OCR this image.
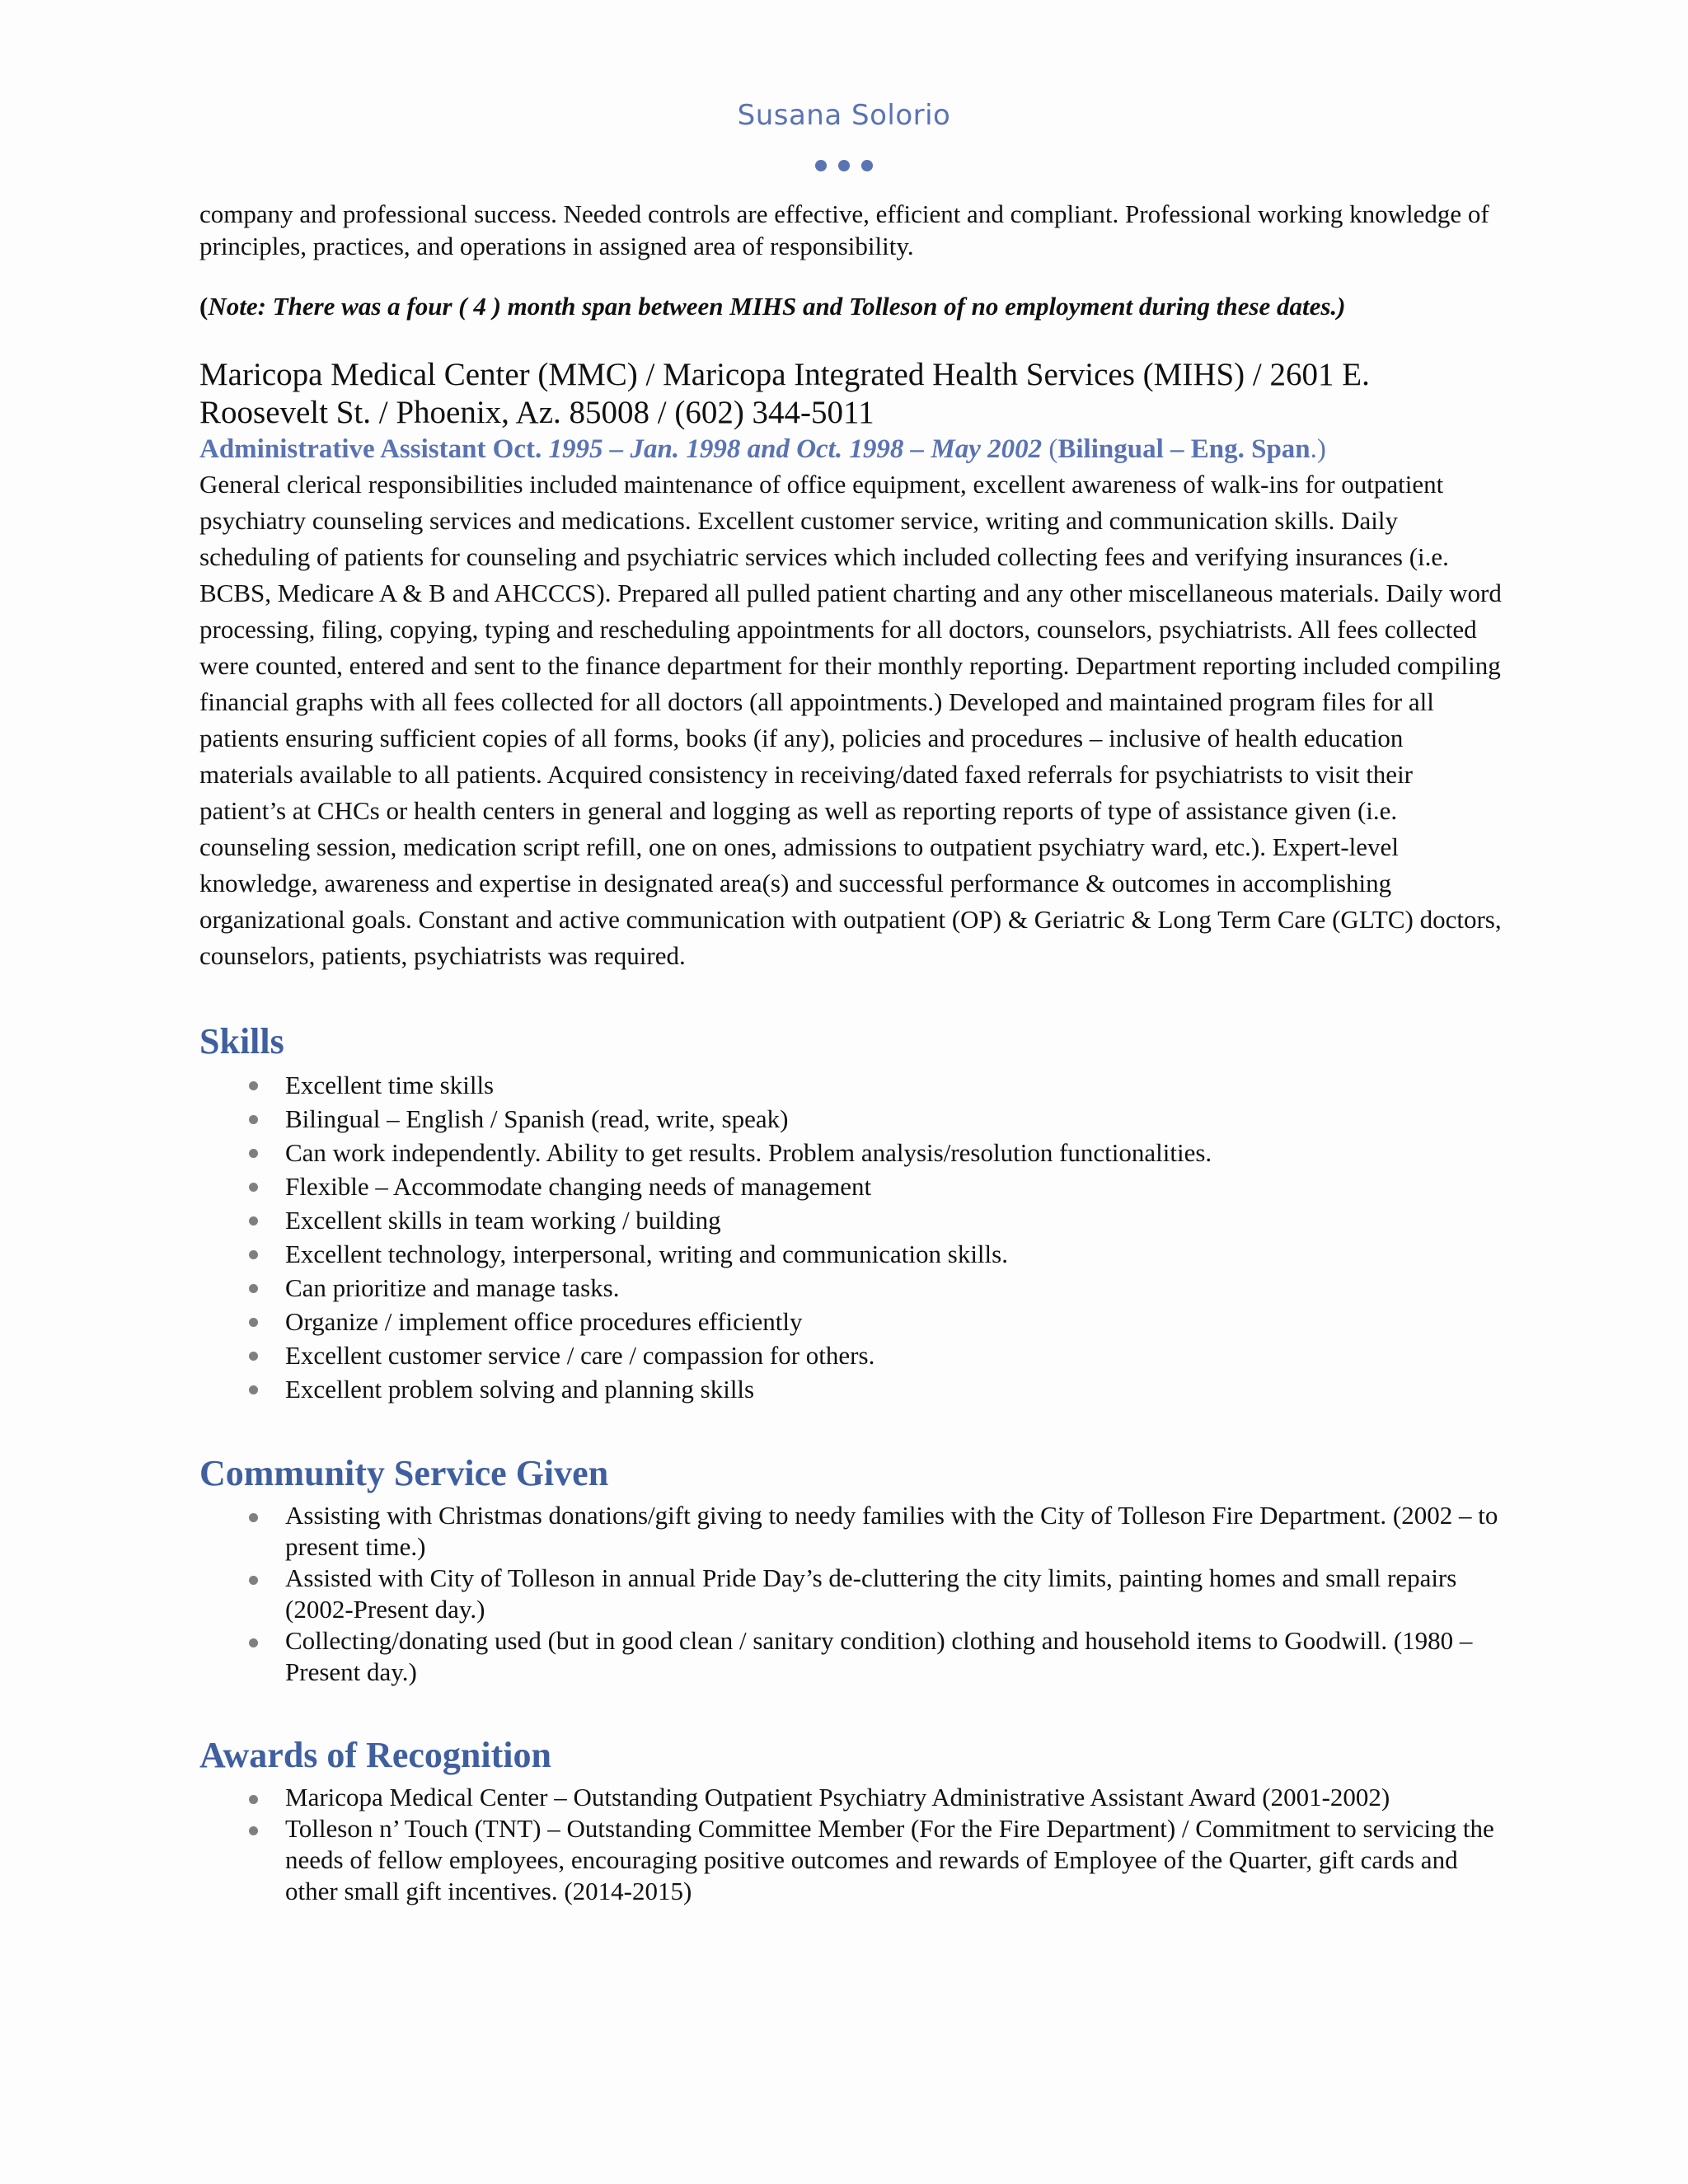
Susana Solorio

company and professional success. Needed controls are effective, efficient and compliant. Professional working knowledge of principles, practices, and operations in assigned area of responsibility.

(Note: There was a four ( 4 ) month span between MIHS and Tolleson of no employment during these dates.)

Maricopa Medical Center (MMC) / Maricopa Integrated Health Services (MIHS) / 2601 E. Roosevelt St. / Phoenix, Az. 85008 / (602) 344-5011

Administrative Assistant Oct. 1995 – Jan. 1998 and Oct. 1998 – May 2002 (Bilingual – Eng. Span.)

General clerical responsibilities included maintenance of office equipment, excellent awareness of walk-ins for outpatient psychiatry counseling services and medications. Excellent customer service, writing and communication skills. Daily scheduling of patients for counseling and psychiatric services which included collecting fees and verifying insurances (i.e. BCBS, Medicare A & B and AHCCCS). Prepared all pulled patient charting and any other miscellaneous materials. Daily word processing, filing, copying, typing and rescheduling appointments for all doctors, counselors, psychiatrists. All fees collected were counted, entered and sent to the finance department for their monthly reporting. Department reporting included compiling financial graphs with all fees collected for all doctors (all appointments.) Developed and maintained program files for all patients ensuring sufficient copies of all forms, books (if any), policies and procedures – inclusive of health education materials available to all patients. Acquired consistency in receiving/dated faxed referrals for psychiatrists to visit their patient’s at CHCs or health centers in general and logging as well as reporting reports of type of assistance given (i.e. counseling session, medication script refill, one on ones, admissions to outpatient psychiatry ward, etc.). Expert-level knowledge, awareness and expertise in designated area(s) and successful performance & outcomes in accomplishing organizational goals. Constant and active communication with outpatient (OP) & Geriatric & Long Term Care (GLTC) doctors, counselors, patients, psychiatrists was required.

Skills
Excellent time skills
Bilingual – English / Spanish (read, write, speak)
Can work independently. Ability to get results. Problem analysis/resolution functionalities.
Flexible – Accommodate changing needs of management
Excellent skills in team working / building
Excellent technology, interpersonal, writing and communication skills.
Can prioritize and manage tasks.
Organize / implement office procedures efficiently
Excellent customer service / care / compassion for others.
Excellent problem solving and planning skills
Community Service Given
Assisting with Christmas donations/gift giving to needy families with the City of Tolleson Fire Department. (2002 – to present time.)
Assisted with City of Tolleson in annual Pride Day’s de-cluttering the city limits, painting homes and small repairs (2002-Present day.)
Collecting/donating used (but in good clean / sanitary condition) clothing and household items to Goodwill. (1980 – Present day.)
Awards of Recognition
Maricopa Medical Center – Outstanding Outpatient Psychiatry Administrative Assistant Award (2001-2002)
Tolleson n’ Touch (TNT) – Outstanding Committee Member (For the Fire Department) / Commitment to servicing the needs of fellow employees, encouraging positive outcomes and rewards of Employee of the Quarter, gift cards and other small gift incentives. (2014-2015)
